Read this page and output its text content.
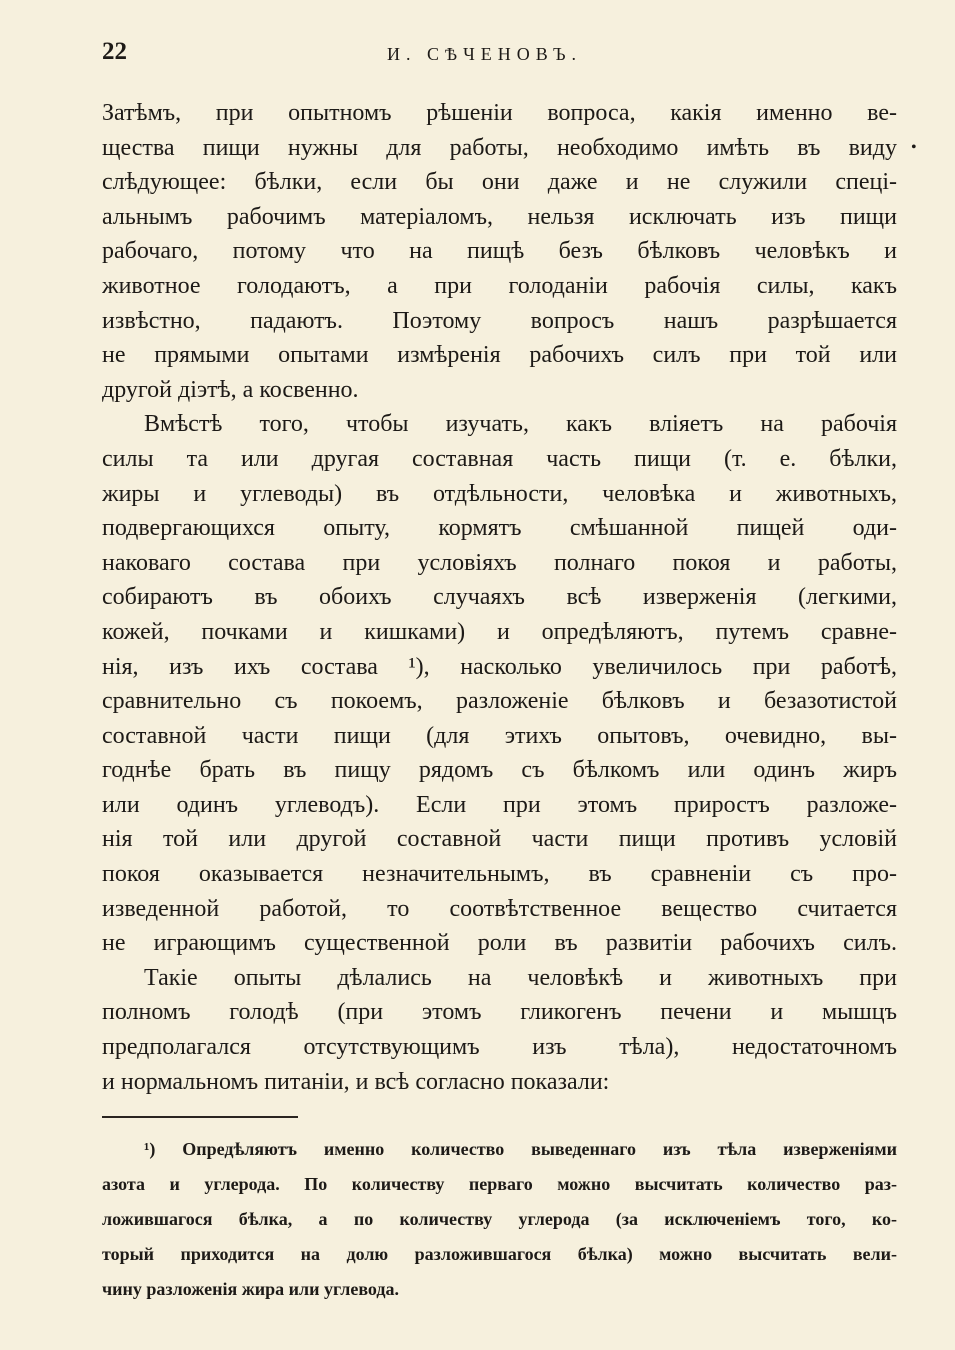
22	И. СѢЧЕНОВЪ.
•
Затѣмъ, при опытномъ рѣшенiи вопроса, какiя именно ве-
щества пищи нужны для работы, необходимо имѣть въ виду
слѣдующее: бѣлки, если бы они даже и не служили спецi-
альнымъ рабочимъ матерiаломъ, нельзя исключать изъ пищи
рабочаго, потому что на пищѣ безъ бѣлковъ человѣкъ и
животное голодаютъ, а при голоданiи рабочiя силы, какъ
извѣстно, падаютъ. Поэтому вопросъ нашъ разрѣшается
не прямыми опытами измѣренiя рабочихъ силъ при той или
другой дiэтѣ, а косвенно.
Вмѣстѣ того, чтобы изучать, какъ влiяетъ на рабочiя
силы та или другая составная часть пищи (т. е. бѣлки,
жиры и углеводы) въ отдѣльности, человѣка и животныхъ,
подвергающихся опыту, кормятъ смѣшанной пищей оди-
наковаго состава при условiяхъ полнаго покоя и работы,
собираютъ въ обоихъ случаяхъ всѣ изверженiя (легкими,
кожей, почками и кишками) и опредѣляютъ, путемъ сравне-
нiя, изъ ихъ состава ¹), насколько увеличилось при работѣ,
сравнительно съ покоемъ, разложенiе бѣлковъ и безазотистой
составной части пищи (для этихъ опытовъ, очевидно, вы-
годнѣе брать въ пищу рядомъ съ бѣлкомъ или одинъ жиръ
или одинъ углеводъ). Если при этомъ приростъ разложе-
нiя той или другой составной части пищи противъ условiй
покоя оказывается незначительнымъ, въ сравненiи съ про-
изведенной работой, то соотвѣтственное вещество считается
не играющимъ существенной роли въ развитiи рабочихъ силъ.
Такiе опыты дѣлались на человѣкѣ и животныхъ при
полномъ голодѣ (при этомъ гликогенъ печени и мышцъ
предполагался отсутствующимъ изъ тѣла), недостаточномъ
и нормальномъ питанiи, и всѣ согласно показали:
¹) Опредѣляютъ именно количество выведеннаго изъ тѣла изверженiями
азота и углерода. По количеству перваго можно высчитать количество раз-
ложившагося бѣлка, а по количеству углерода (за исключенiемъ того, ко-
торый приходится на долю разложившагося бѣлка) можно высчитать вели-
чину разложенiя жира или углевода.
